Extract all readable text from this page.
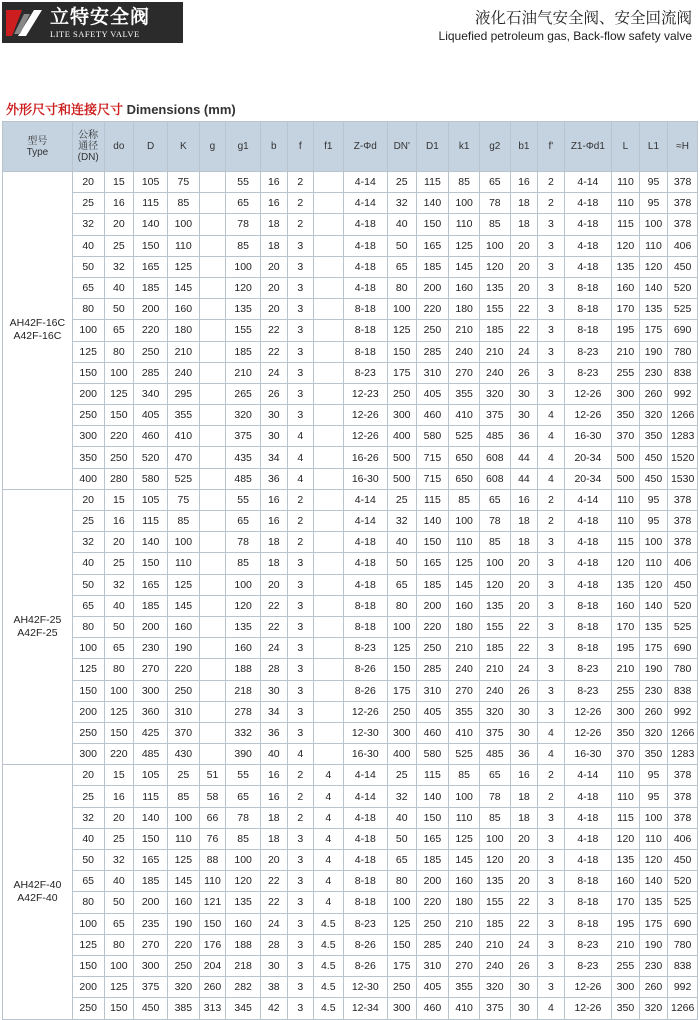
立特安全阀
LITE SAFETY VALVE
液化石油气安全阀、安全回流阀
Liquefied petroleum gas, Back-flow safety valve
外形尺寸和连接尺寸 Dimensions (mm)
型号
Type	公称
通径
(DN)	do	D	K	g	g1	b	f	f1	Z-Φd	DN'	D1	k1	g2	b1	f'	Z1-Φd1	L	L1	≈H
AH42F-16C
A42F-16C	20	15	105	75		55	16	2		4-14	25	115	85	65	16	2	4-14	110	95	378
	25	16	115	85		65	16	2		4-14	32	140	100	78	18	2	4-18	110	95	378
	32	20	140	100		78	18	2		4-18	40	150	110	85	18	3	4-18	115	100	378
	40	25	150	110		85	18	3		4-18	50	165	125	100	20	3	4-18	120	110	406
	50	32	165	125		100	20	3		4-18	65	185	145	120	20	3	4-18	135	120	450
	65	40	185	145		120	20	3		4-18	80	200	160	135	20	3	8-18	160	140	520
	80	50	200	160		135	20	3		8-18	100	220	180	155	22	3	8-18	170	135	525
	100	65	220	180		155	22	3		8-18	125	250	210	185	22	3	8-18	195	175	690
	125	80	250	210		185	22	3		8-18	150	285	240	210	24	3	8-23	210	190	780
	150	100	285	240		210	24	3		8-23	175	310	270	240	26	3	8-23	255	230	838
	200	125	340	295		265	26	3		12-23	250	405	355	320	30	3	12-26	300	260	992
	250	150	405	355		320	30	3		12-26	300	460	410	375	30	4	12-26	350	320	1266
	300	220	460	410		375	30	4		12-26	400	580	525	485	36	4	16-30	370	350	1283
	350	250	520	470		435	34	4		16-26	500	715	650	608	44	4	20-34	500	450	1520
	400	280	580	525		485	36	4		16-30	500	715	650	608	44	4	20-34	500	450	1530
AH42F-25
A42F-25	20	15	105	75		55	16	2		4-14	25	115	85	65	16	2	4-14	110	95	378
	25	16	115	85		65	16	2		4-14	32	140	100	78	18	2	4-18	110	95	378
	32	20	140	100		78	18	2		4-18	40	150	110	85	18	3	4-18	115	100	378
	40	25	150	110		85	18	3		4-18	50	165	125	100	20	3	4-18	120	110	406
	50	32	165	125		100	20	3		4-18	65	185	145	120	20	3	4-18	135	120	450
	65	40	185	145		120	22	3		8-18	80	200	160	135	20	3	8-18	160	140	520
	80	50	200	160		135	22	3		8-18	100	220	180	155	22	3	8-18	170	135	525
	100	65	230	190		160	24	3		8-23	125	250	210	185	22	3	8-18	195	175	690
	125	80	270	220		188	28	3		8-26	150	285	240	210	24	3	8-23	210	190	780
	150	100	300	250		218	30	3		8-26	175	310	270	240	26	3	8-23	255	230	838
	200	125	360	310		278	34	3		12-26	250	405	355	320	30	3	12-26	300	260	992
	250	150	425	370		332	36	3		12-30	300	460	410	375	30	4	12-26	350	320	1266
	300	220	485	430		390	40	4		16-30	400	580	525	485	36	4	16-30	370	350	1283
AH42F-40
A42F-40	20	15	105	25	51	55	16	2	4	4-14	25	115	85	65	16	2	4-14	110	95	378
	25	16	115	85	58	65	16	2	4	4-14	32	140	100	78	18	2	4-18	110	95	378
	32	20	140	100	66	78	18	2	4	4-18	40	150	110	85	18	3	4-18	115	100	378
	40	25	150	110	76	85	18	3	4	4-18	50	165	125	100	20	3	4-18	120	110	406
	50	32	165	125	88	100	20	3	4	4-18	65	185	145	120	20	3	4-18	135	120	450
	65	40	185	145	110	120	22	3	4	8-18	80	200	160	135	20	3	8-18	160	140	520
	80	50	200	160	121	135	22	3	4	8-18	100	220	180	155	22	3	8-18	170	135	525
	100	65	235	190	150	160	24	3	4.5	8-23	125	250	210	185	22	3	8-18	195	175	690
	125	80	270	220	176	188	28	3	4.5	8-26	150	285	240	210	24	3	8-23	210	190	780
	150	100	300	250	204	218	30	3	4.5	8-26	175	310	270	240	26	3	8-23	255	230	838
	200	125	375	320	260	282	38	3	4.5	12-30	250	405	355	320	30	3	12-26	300	260	992
	250	150	450	385	313	345	42	3	4.5	12-34	300	460	410	375	30	4	12-26	350	320	1266
